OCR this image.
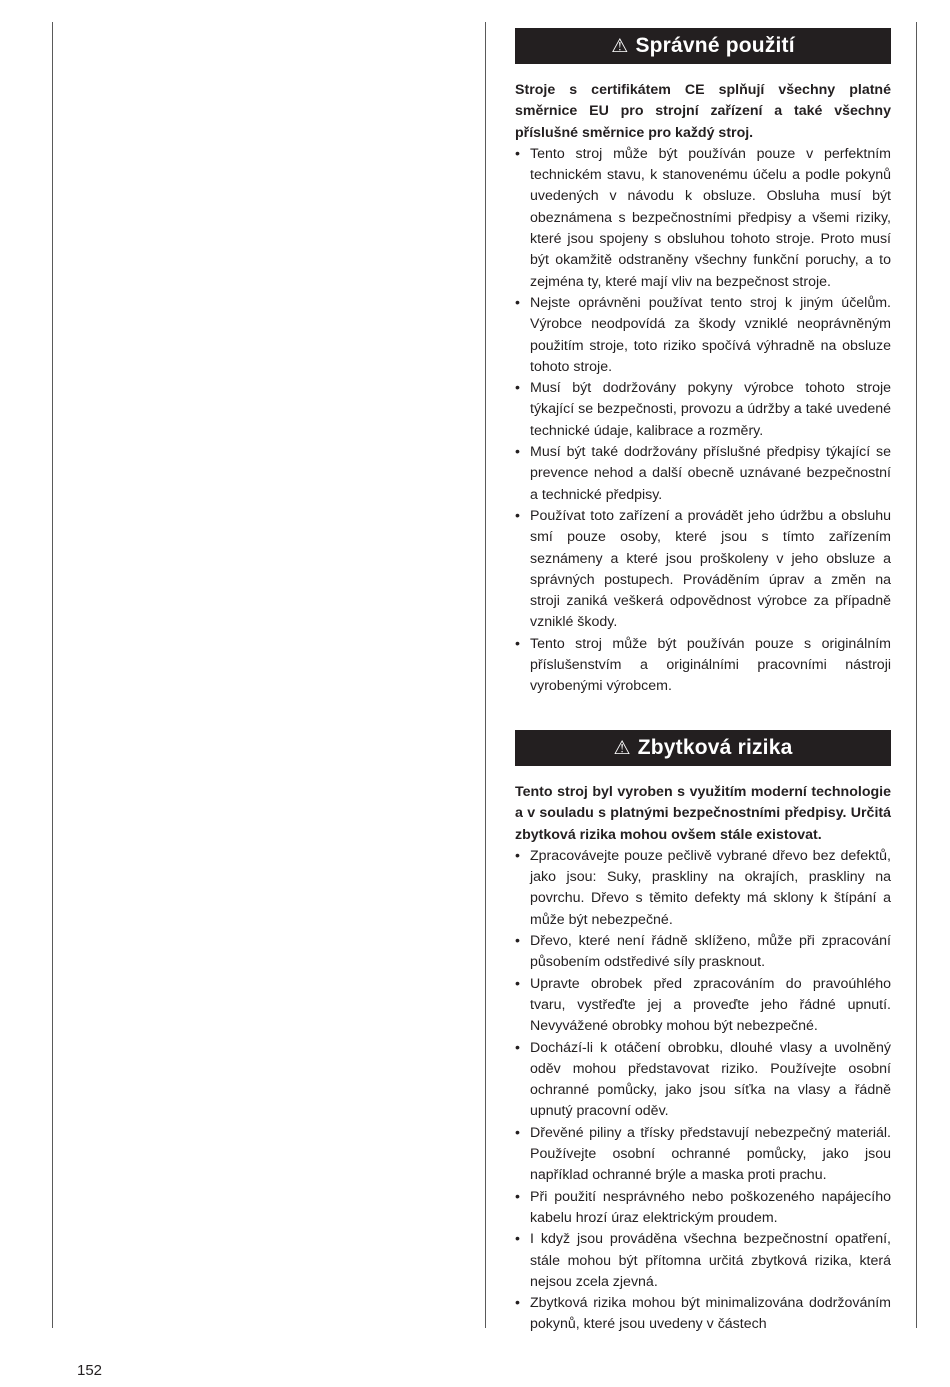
⚠ Správné použití

Stroje s certifikátem CE splňují všechny platné směrnice EU pro strojní zařízení a také všechny příslušné směrnice pro každý stroj.

• Tento stroj může být používán pouze v perfektním technickém stavu, k stanovenému účelu a podle pokynů uvedených v návodu k obsluze. Obsluha musí být obeznámena s bezpečnostními předpisy a všemi riziky, které jsou spojeny s obsluhou tohoto stroje. Proto musí být okamžitě odstraněny všechny funkční poruchy, a to zejména ty, které mají vliv na bezpečnost stroje.
• Nejste oprávněni používat tento stroj k jiným účelům. Výrobce neodpovídá za škody vzniklé neoprávněným použitím stroje, toto riziko spočívá výhradně na obsluze tohoto stroje.
• Musí být dodržovány pokyny výrobce tohoto stroje týkající se bezpečnosti, provozu a údržby a také uvedené technické údaje, kalibrace a rozměry.
• Musí být také dodržovány příslušné předpisy týkající se prevence nehod a další obecně uznávané bezpečnostní a technické předpisy.
• Používat toto zařízení a provádět jeho údržbu a obsluhu smí pouze osoby, které jsou s tímto zařízením seznámeny a které jsou proškoleny v jeho obsluze a správných postupech. Prováděním úprav a změn na stroji zaniká veškerá odpovědnost výrobce za případně vzniklé škody.
• Tento stroj může být používán pouze s originálním příslušenstvím a originálními pracovními nástroji vyrobenými výrobcem.
⚠ Zbytková rizika

Tento stroj byl vyroben s využitím moderní technologie a v souladu s platnými bezpečnostními předpisy. Určitá zbytková rizika mohou ovšem stále existovat.

• Zpracovávejte pouze pečlivě vybrané dřevo bez defektů, jako jsou: Suky, praskliny na okrajích, praskliny na povrchu. Dřevo s těmito defekty má sklony k štípání a může být nebezpečné.
• Dřevo, které není řádně sklíženo, může při zpracování působením odstředivé síly prasknout.
• Upravte obrobek před zpracováním do pravoúhlého tvaru, vystřeďte jej a proveďte jeho řádné upnutí. Nevyvážené obrobky mohou být nebezpečné.
• Dochází-li k otáčení obrobku, dlouhé vlasy a uvolněný oděv mohou představovat riziko. Používejte osobní ochranné pomůcky, jako jsou síťka na vlasy a řádně upnutý pracovní oděv.
• Dřevěné piliny a třísky představují nebezpečný materiál. Používejte osobní ochranné pomůcky, jako jsou například ochranné brýle a maska proti prachu.
• Při použití nesprávného nebo poškozeného napájecího kabelu hrozí úraz elektrickým proudem.
• I když jsou prováděna všechna bezpečnostní opatření, stále mohou být přítomna určitá zbytková rizika, která nejsou zcela zjevná.
• Zbytková rizika mohou být minimalizována dodržováním pokynů, které jsou uvedeny v částech
152
